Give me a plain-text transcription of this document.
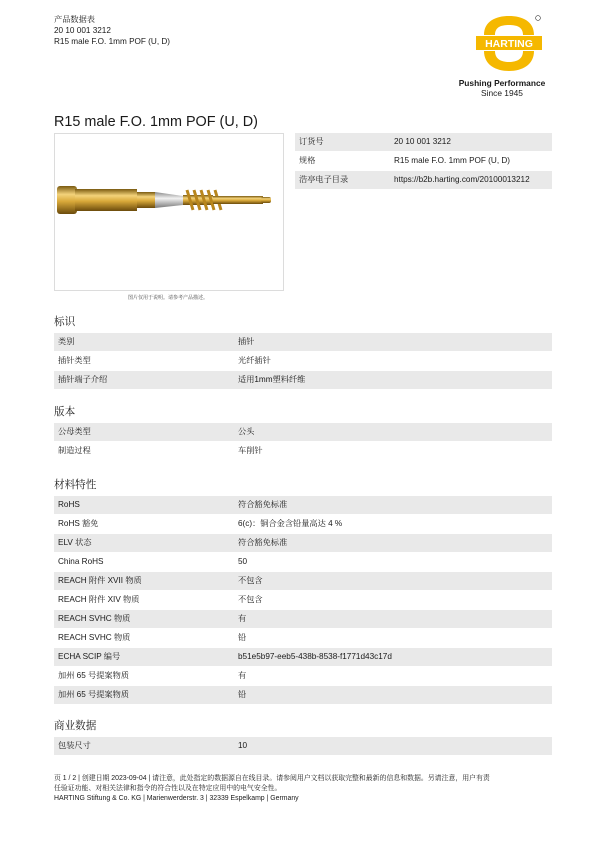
产品数据表
20 10 001 3212
R15 male F.O. 1mm POF (U, D)	HARTING
Pushing Performance
Since 1945
R15 male F.O. 1mm POF (U, D)
图片仅用于说明。请参考产品描述。
订货号	20 10 001 3212
规格	R15 male F.O. 1mm POF (U, D)
浩亭电子目录	https://b2b.harting.com/20100013212
标识
类别	插针
插针类型	光纤插针
插针端子介绍	适用1mm塑料纤维
版本
公母类型	公头
制造过程	车削针
材料特性
RoHS	符合豁免标准
RoHS 豁免	6(c)：铜合金含铅量高达 4 %
ELV 状态	符合豁免标准
China RoHS	50
REACH 附件 XVII 物质	不包含
REACH 附件 XIV 物质	不包含
REACH SVHC 物质	有
REACH SVHC 物质	铅
ECHA SCIP 编号	b51e5b97-eeb5-438b-8538-f1771d43c17d
加州 65 号提案物质	有
加州 65 号提案物质	铅
商业数据
包装尺寸	10
页 1 / 2 | 创建日期 2023-09-04 | 请注意，此处指定的数据源自在线目录。请参阅用户文档以获取完整和最新的信息和数据。另请注意，用户有责
任验证功能、对相关法律和指令的符合性以及在特定应用中的电气安全性。
HARTING Stiftung & Co. KG | Marienwerderstr. 3 | 32339 Espelkamp | Germany
